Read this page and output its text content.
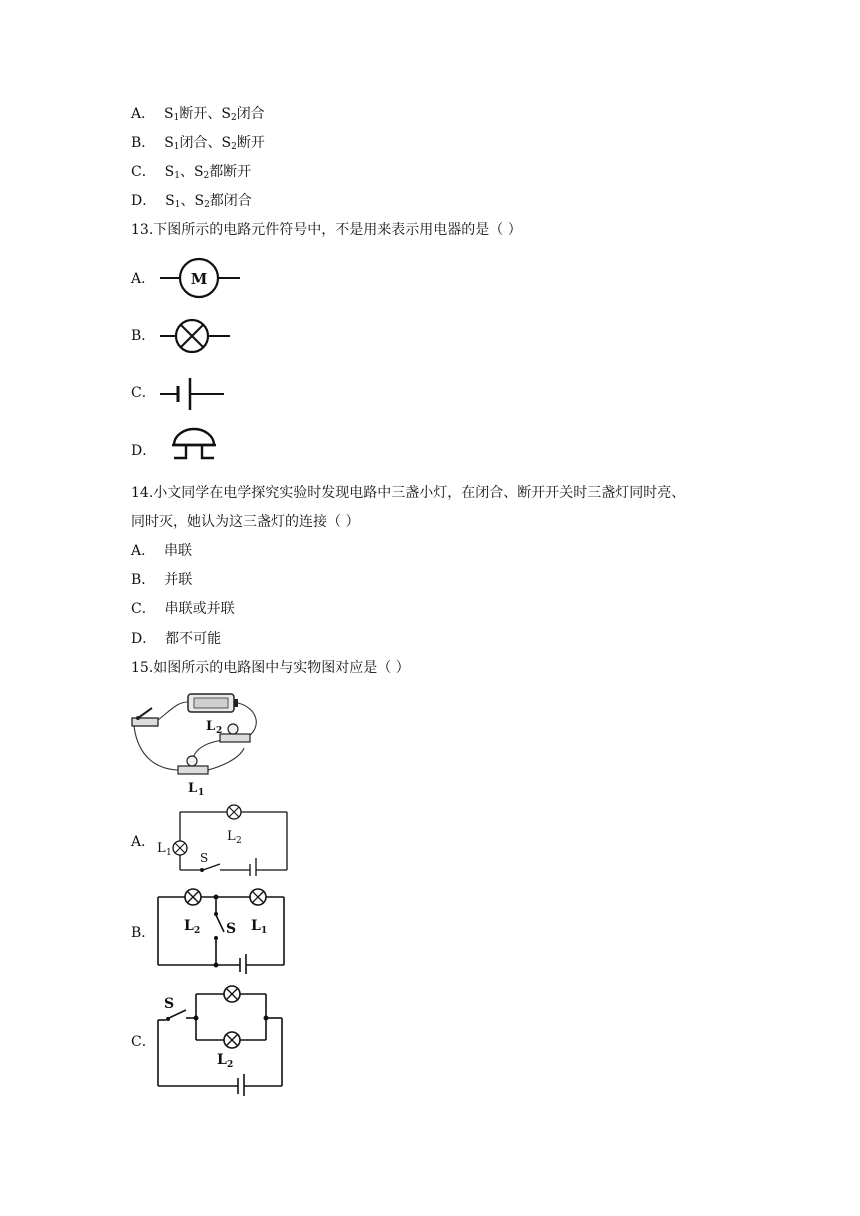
A． $S_1$断开、$S_2$闭合
B． $S_1$闭合、$S_2$断开
C． $S_1$、$S_2$都断开
D． $S_1$、$S_2$都闭合
13.下图所示的电路元件符号中，不是用来表示用电器的是（ ）
A． M
B．
C．
D．
14.小文同学在电学探究实验时发现电路中三盏小灯，在闭合、断开开关时三盏灯同时亮、
同时灭，她认为这三盏灯的连接（ ）
A． 串联
B． 并联
C． 串联或并联
D． 都不可能
15.如图所示的电路图中与实物图对应是（ ）
L 2
L 1
A． L 1
L 2
S
B． L 2 S L 1
C．
S
L 2
